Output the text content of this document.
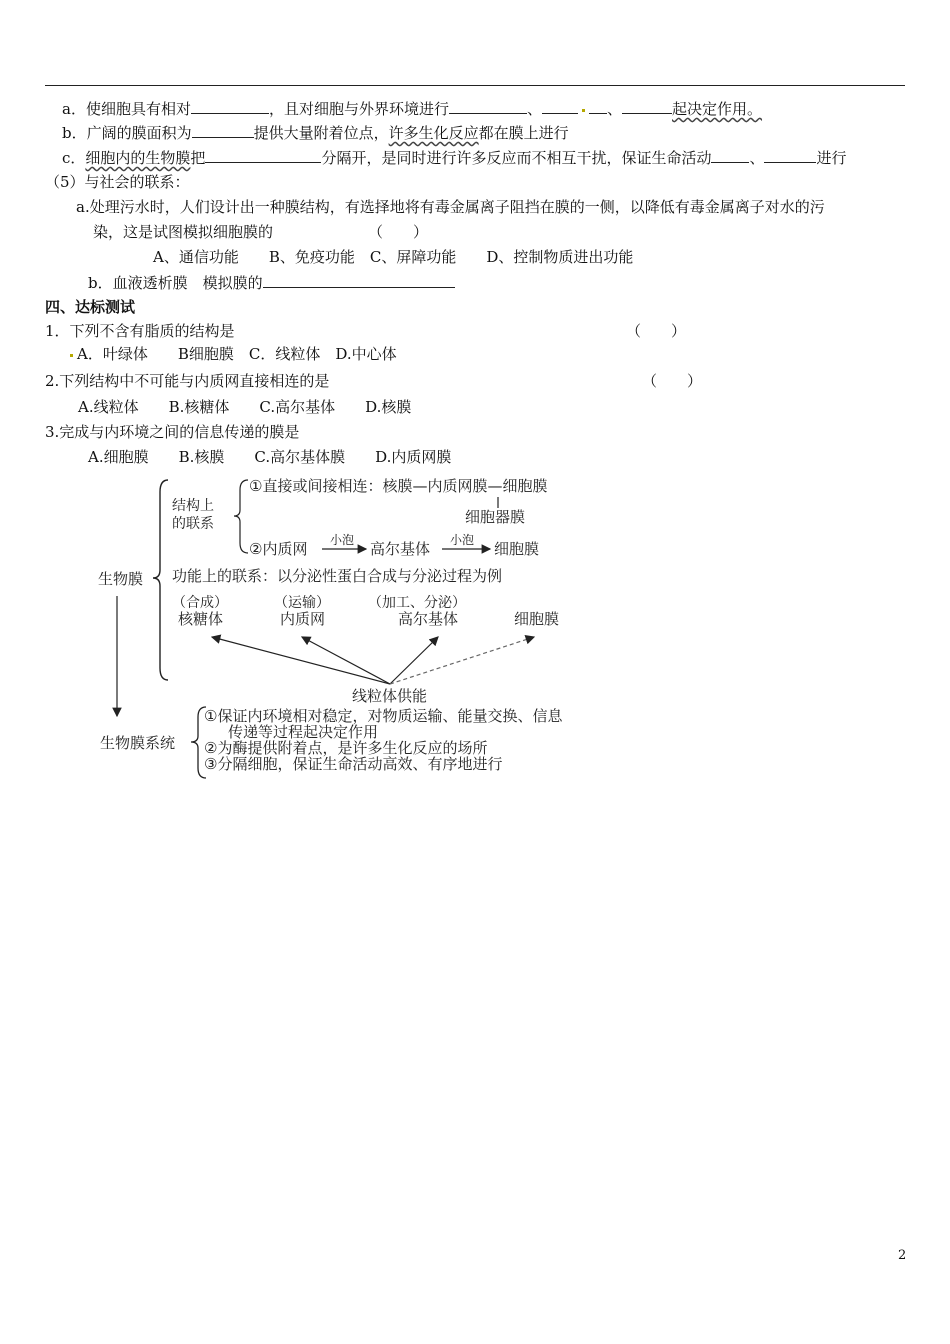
a．使细胞具有相对	，且对细胞与外界环境进行	、	、	起决定作用。
b．广阔的膜面积为	提供大量附着位点，许多生化反应都在膜上进行
c．细胞内的生物膜把	分隔开，是同时进行许多反应而不相互干扰，保证生命活动	、	进行
（5）与社会的联系：
a.处理污水时，人们设计出一种膜结构，有选择地将有毒金属离子阻挡在膜的一侧，以降低有毒金属离子对水的污
染，这是试图模拟细胞膜的	（　　）
A、通信功能　　B、免疫功能　C、屏障功能　　D、控制物质进出功能
b．血液透析膜　模拟膜的
四、达标测试
1．下列不含有脂质的结构是	（　　）
A．叶绿体　　B细胞膜　C．线粒体　D.中心体
2.下列结构中不可能与内质网直接相连的是	（　　）
A.线粒体　　B.核糖体　　C.高尔基体　　D.核膜
3.完成与内环境之间的信息传递的膜是
A.细胞膜　　B.核膜　　C.高尔基体膜　　D.内质网膜
生物膜
结构上
的联系
①直接或间接相连：核膜—内质网膜—细胞膜
细胞器膜
②内质网 小泡 高尔基体 小泡 细胞膜
功能上的联系：以分泌性蛋白合成与分泌过程为例
（合成）
核糖体
（运输）
内质网
（加工、分泌）
高尔基体	细胞膜
线粒体供能
生物膜系统
①保证内环境相对稳定，对物质运输、能量交换、信息
传递等过程起决定作用
②为酶提供附着点，是许多生化反应的场所
③分隔细胞，保证生命活动高效、有序地进行
2
